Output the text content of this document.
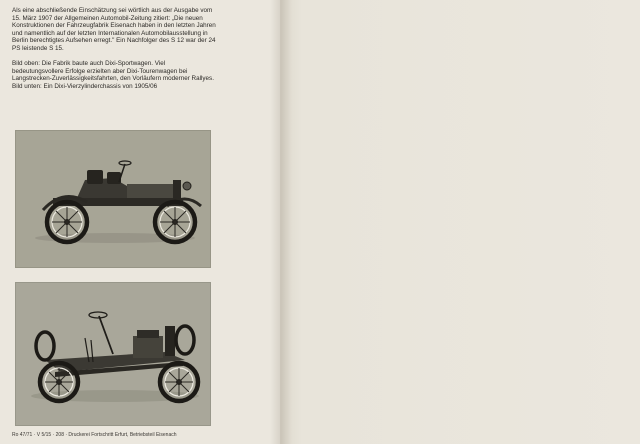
Als eine abschließende Einschätzung sei wörtlich aus der Ausgabe vom 15. März 1907 der Allgemeinen Automobil-Zeitung zitiert: „Die neuen Konstruktionen der Fahrzeugfabrik Eisenach haben in den letzten Jahren und namentlich auf der letzten Internationalen Automobilausstellung in Berlin berechtigtes Aufsehen erregt." Ein Nachfolger des S 12 war der 24 PS leistende S 15.

Bild oben: Die Fabrik baute auch Dixi-Sportwagen. Viel bedeutungsvollere Erfolge erzielten aber Dixi-Tourenwagen bei Langstrecken-Zuverlässigkeitsfahrten, den Vorläufern moderner Rallyes.

Bild unten: Ein Dixi-Vierzylinderchassis von 1905/06

Ro 47/71 · V 5/15 · 208 · Druckerei Fortschritt Erfurt, Betriebsteil Eisenach
